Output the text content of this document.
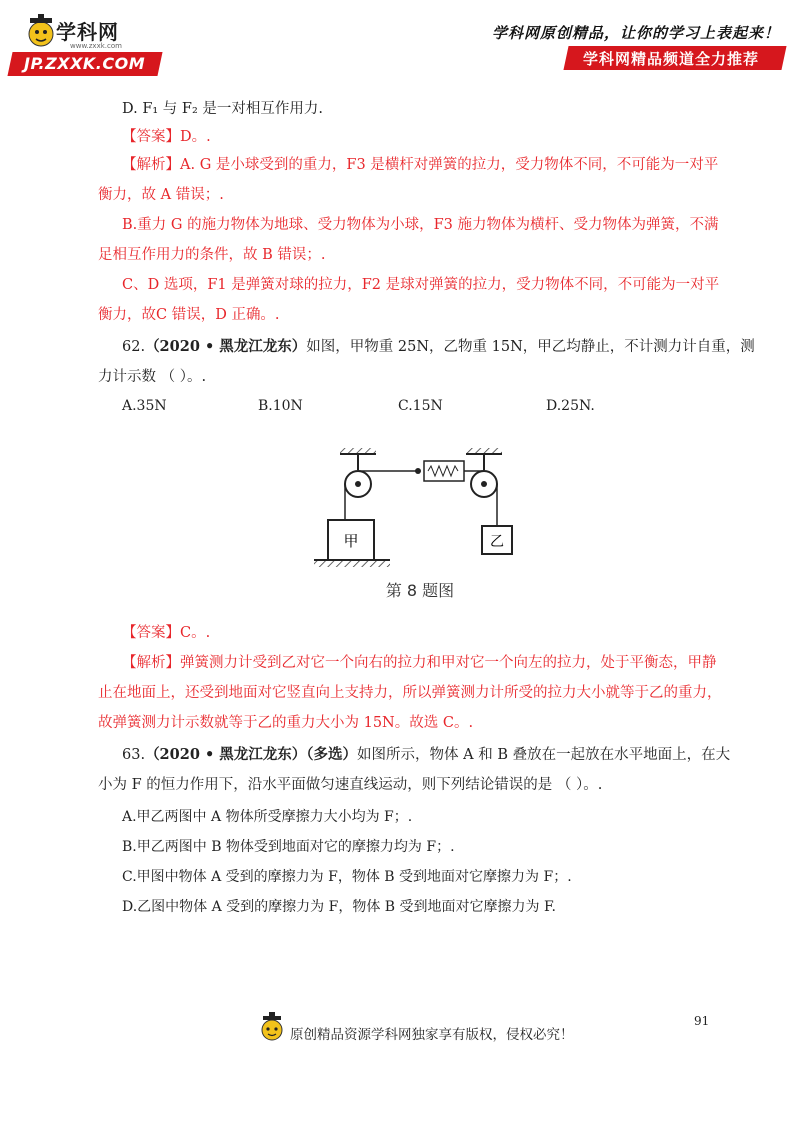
学科网
www.zxxk.com
JP.ZXXK.COM
学科网原创精品，让你的学习上表起来！
学科网精品频道全力推荐
D. F₁ 与 F₂ 是一对相互作用力.
【答案】D。.
【解析】A. G 是小球受到的重力，F3 是横杆对弹簧的拉力，受力物体不同，不可能为一对平
衡力，故 A 错误；.
B.重力 G 的施力物体为地球、受力物体为小球，F3 施力物体为横杆、受力物体为弹簧，不满
足相互作用力的条件，故 B 错误；.
C、D 选项，F1 是弹簧对球的拉力，F2 是球对弹簧的拉力，受力物体不同，不可能为一对平
衡力，故C 错误，D 正确。.
62.（2020 • 黑龙江龙东）如图，甲物重 25N，乙物重 15N，甲乙均静止，不计测力计自重，测
力计示数 （ ）。.
A.35N	B.10N	C.15N	D.25N.
甲	乙
第 8 题图
【答案】C。.
【解析】弹簧测力计受到乙对它一个向右的拉力和甲对它一个向左的拉力，处于平衡态，甲静
止在地面上，还受到地面对它竖直向上支持力，所以弹簧测力计所受的拉力大小就等于乙的重力，
故弹簧测力计示数就等于乙的重力大小为 15N。故选 C。.
63.（2020 • 黑龙江龙东）（多选）如图所示，物体 A 和 B 叠放在一起放在水平地面上，在大
小为 F 的恒力作用下，沿水平面做匀速直线运动，则下列结论错误的是 （ ）。.
A.甲乙两图中 A 物体所受摩擦力大小均为 F；.
B.甲乙两图中 B 物体受到地面对它的摩擦力均为 F；.
C.甲图中物体 A 受到的摩擦力为 F，物体 B 受到地面对它摩擦力为 F；.
D.乙图中物体 A 受到的摩擦力为 F，物体 B 受到地面对它摩擦力为 F.
91
原创精品资源学科网独家享有版权，侵权必究！
